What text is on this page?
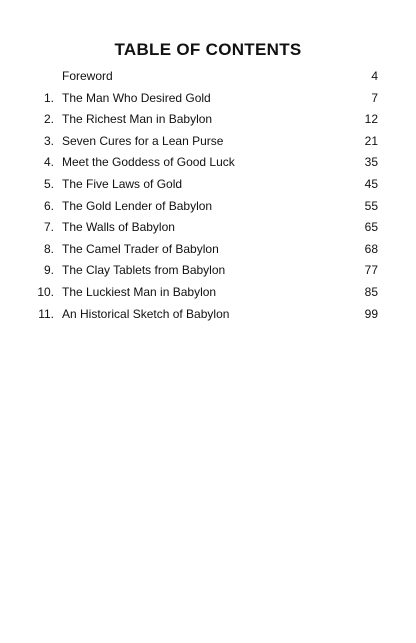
TABLE OF CONTENTS
Foreword	4
1. The Man Who Desired Gold	7
2. The Richest Man in Babylon	12
3. Seven Cures for a Lean Purse	21
4. Meet the Goddess of Good Luck	35
5. The Five Laws of Gold	45
6. The Gold Lender of Babylon	55
7. The Walls of Babylon	65
8. The Camel Trader of Babylon	68
9. The Clay Tablets from Babylon	77
10. The Luckiest Man in Babylon	85
11. An Historical Sketch of Babylon	99
